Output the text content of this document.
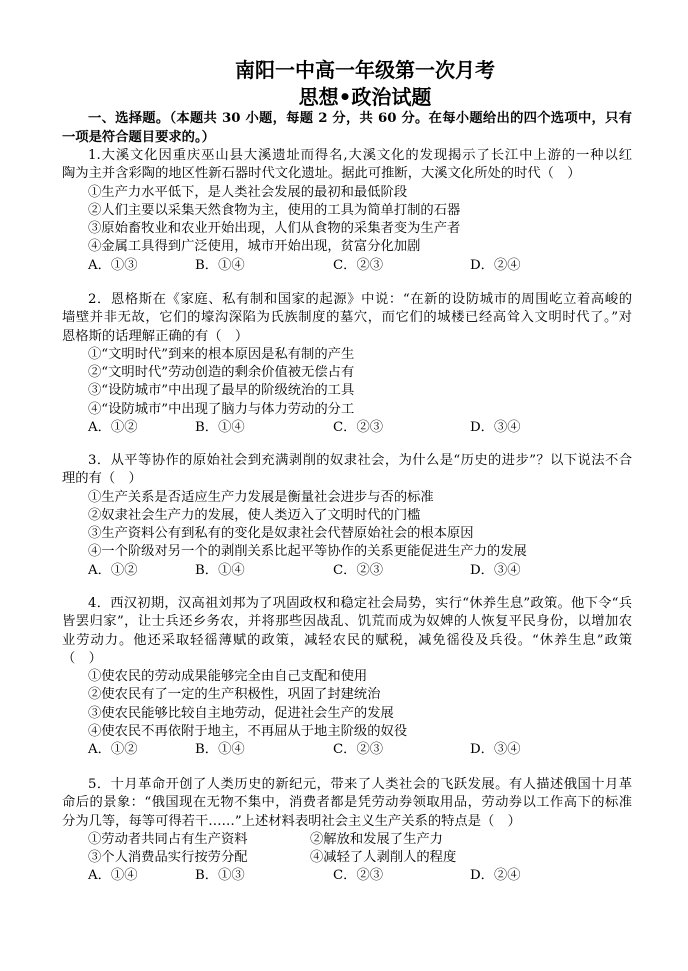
南阳一中高一年级第一次月考
思想•政治试题
一、选择题。（本题共 30 小题，每题 2 分，共 60 分。在每小题给出的四个选项中，只有
一项是符合题目要求的。）
1.大溪文化因重庆巫山县大溪遗址而得名,大溪文化的发现揭示了长江中上游的一种以红
陶为主并含彩陶的地区性新石器时代文化遗址。据此可推断，大溪文化所处的时代（　）
①生产力水平低下，是人类社会发展的最初和最低阶段
②人们主要以采集天然食物为主，使用的工具为简单打制的石器
③原始畜牧业和农业开始出现，人们从食物的采集者变为生产者
④金属工具得到广泛使用，城市开始出现，贫富分化加剧
A．①③	B．①④	C．②③	D．②④
2．恩格斯在《家庭、私有制和国家的起源》中说：“在新的设防城市的周围屹立着高峻的
墙壁并非无故，它们的壕沟深陷为氏族制度的墓穴，而它们的城楼已经高耸入文明时代了。”对
恩格斯的话理解正确的有（　）
①“文明时代”到来的根本原因是私有制的产生
②“文明时代”劳动创造的剩余价值被无偿占有
③“设防城市”中出现了最早的阶级统治的工具
④“设防城市”中出现了脑力与体力劳动的分工
A．①②	B．①④	C．②③	D．③④
3．从平等协作的原始社会到充满剥削的奴隶社会，为什么是“历史的进步”？以下说法不合
理的有（　）
①生产关系是否适应生产力发展是衡量社会进步与否的标准
②奴隶社会生产力的发展，使人类迈入了文明时代的门槛
③生产资料公有到私有的变化是奴隶社会代替原始社会的根本原因
④一个阶级对另一个的剥削关系比起平等协作的关系更能促进生产力的发展
A．①②	B．①④	C．②③	D．③④
4．西汉初期，汉高祖刘邦为了巩固政权和稳定社会局势，实行“休养生息”政策。他下令“兵
皆罢归家”，让士兵还乡务农，并将那些因战乱、饥荒而成为奴婢的人恢复平民身份，以增加农
业劳动力。他还采取轻徭薄赋的政策，减轻农民的赋税，减免徭役及兵役。“休养生息”政策
（　）
①使农民的劳动成果能够完全由自己支配和使用
②使农民有了一定的生产积极性，巩固了封建统治
③使农民能够比较自主地劳动，促进社会生产的发展
④使农民不再依附于地主，不再屈从于地主阶级的奴役
A．①②	B．①④	C．②③	D．③④
5．十月革命开创了人类历史的新纪元，带来了人类社会的飞跃发展。有人描述俄国十月革
命后的景象：“俄国现在无物不集中，消费者都是凭劳动券领取用品，劳动券以工作高下的标准
分为几等，每等可得若干……”上述材料表明社会主义生产关系的特点是（　）
①劳动者共同占有生产资料	②解放和发展了生产力
③个人消费品实行按劳分配	④减轻了人剥削人的程度
A．①④	B．①③	C．②③	D．②④
